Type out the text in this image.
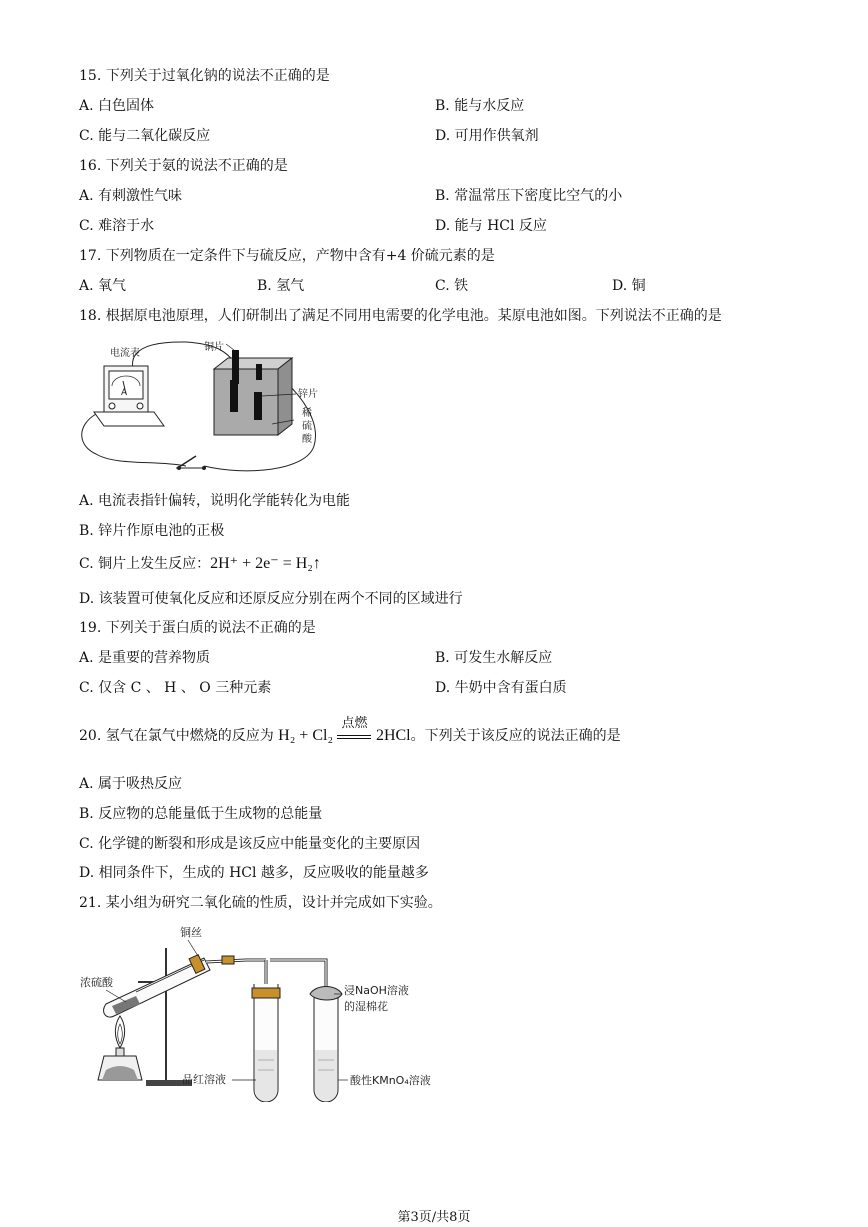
15. 下列关于过氧化钠的说法不正确的是
A. 白色固体	B. 能与水反应
C. 能与二氧化碳反应	D. 可用作供氧剂
16. 下列关于氨的说法不正确的是
A. 有刺激性气味	B. 常温常压下密度比空气的小
C. 难溶于水	D. 能与 HCl 反应
17. 下列物质在一定条件下与硫反应，产物中含有+4 价硫元素的是
A. 氧气	B. 氢气	C. 铁	D. 铜
18. 根据原电池原理，人们研制出了满足不同用电需要的化学电池。某原电池如图。下列说法不正确的是
A
电流表
铜片
锌片
稀
硫
酸
A. 电流表指针偏转，说明化学能转化为电能
B. 锌片作原电池的正极
C. 铜片上发生反应：2H⁺ + 2e⁻ = H₂↑
D. 该装置可使氧化反应和还原反应分别在两个不同的区域进行
19. 下列关于蛋白质的说法不正确的是
A. 是重要的营养物质	B. 可发生水解反应
C. 仅含 C 、 H 、 O 三种元素	D. 牛奶中含有蛋白质
20. 氢气在氯气中燃烧的反应为 H₂ + Cl₂
点燃
2HCl。下列关于该反应的说法正确的是
A. 属于吸热反应
B. 反应物的总能量低于生成物的总能量
C. 化学键的断裂和形成是该反应中能量变化的主要原因
D. 相同条件下，生成的 HCl 越多，反应吸收的能量越多
21. 某小组为研究二氧化硫的性质，设计并完成如下实验。
铜丝
浓硫酸
浸NaOH溶液
的湿棉花
品红溶液	酸性KMnO₄溶液
第3页/共8页
